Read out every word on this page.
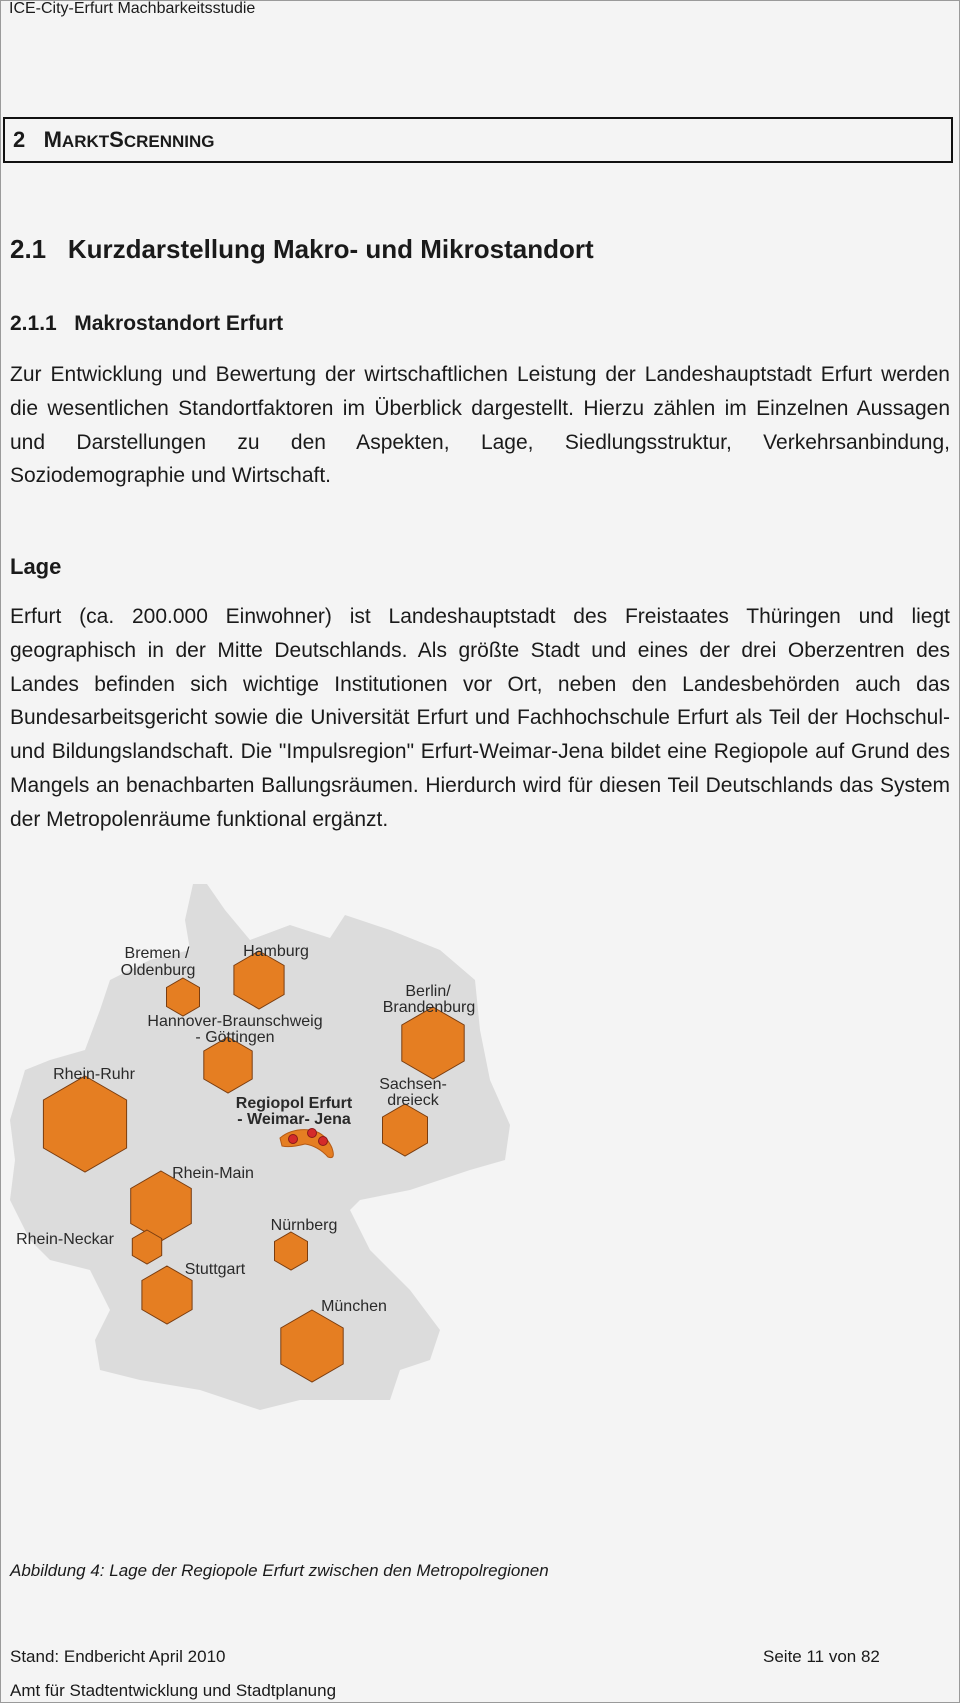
ICE-City-Erfurt Machbarkeitsstudie
2 MARKTSCRENNING
2.1   Kurzdarstellung Makro- und Mikrostandort
2.1.1   Makrostandort Erfurt

Zur Entwicklung und Bewertung der wirtschaftlichen Leistung der Landeshauptstadt Erfurt werden die wesentlichen Standortfaktoren im Überblick dargestellt. Hierzu zählen im Einzelnen Aussagen und Darstellungen zu den Aspekten, Lage, Siedlungsstruktur, Verkehrsanbindung, Soziodemographie und Wirtschaft.

Lage

Erfurt (ca. 200.000 Einwohner) ist Landeshauptstadt des Freistaates Thüringen und liegt geographisch in der Mitte Deutschlands. Als größte Stadt und eines der drei Oberzentren des Landes befinden sich wichtige Institutionen vor Ort, neben den Landesbehörden auch das Bundesarbeitsgericht sowie die Universität Erfurt und Fachhochschule Erfurt als Teil der Hochschul- und Bildungslandschaft. Die "Impulsregion" Erfurt-Weimar-Jena bildet eine Regiopole auf Grund des Mangels an benachbarten Ballungsräumen. Hierdurch wird für diesen Teil Deutschlands das System der Metropolenräume funktional ergänzt.

Bremen /
Oldenburg
Hamburg
Hannover-Braunschweig
- Göttingen
Berlin/
Brandenburg
Rhein-Ruhr
Sachsen-
dreieck
Regiopol Erfurt
- Weimar- Jena
Rhein-Main
Rhein-Neckar
Nürnberg
Stuttgart
München
Abbildung 4: Lage der Regiopole Erfurt zwischen den Metropolregionen
Stand: Endbericht April 2010	Seite 11 von 82
Amt für Stadtentwicklung und Stadtplanung
